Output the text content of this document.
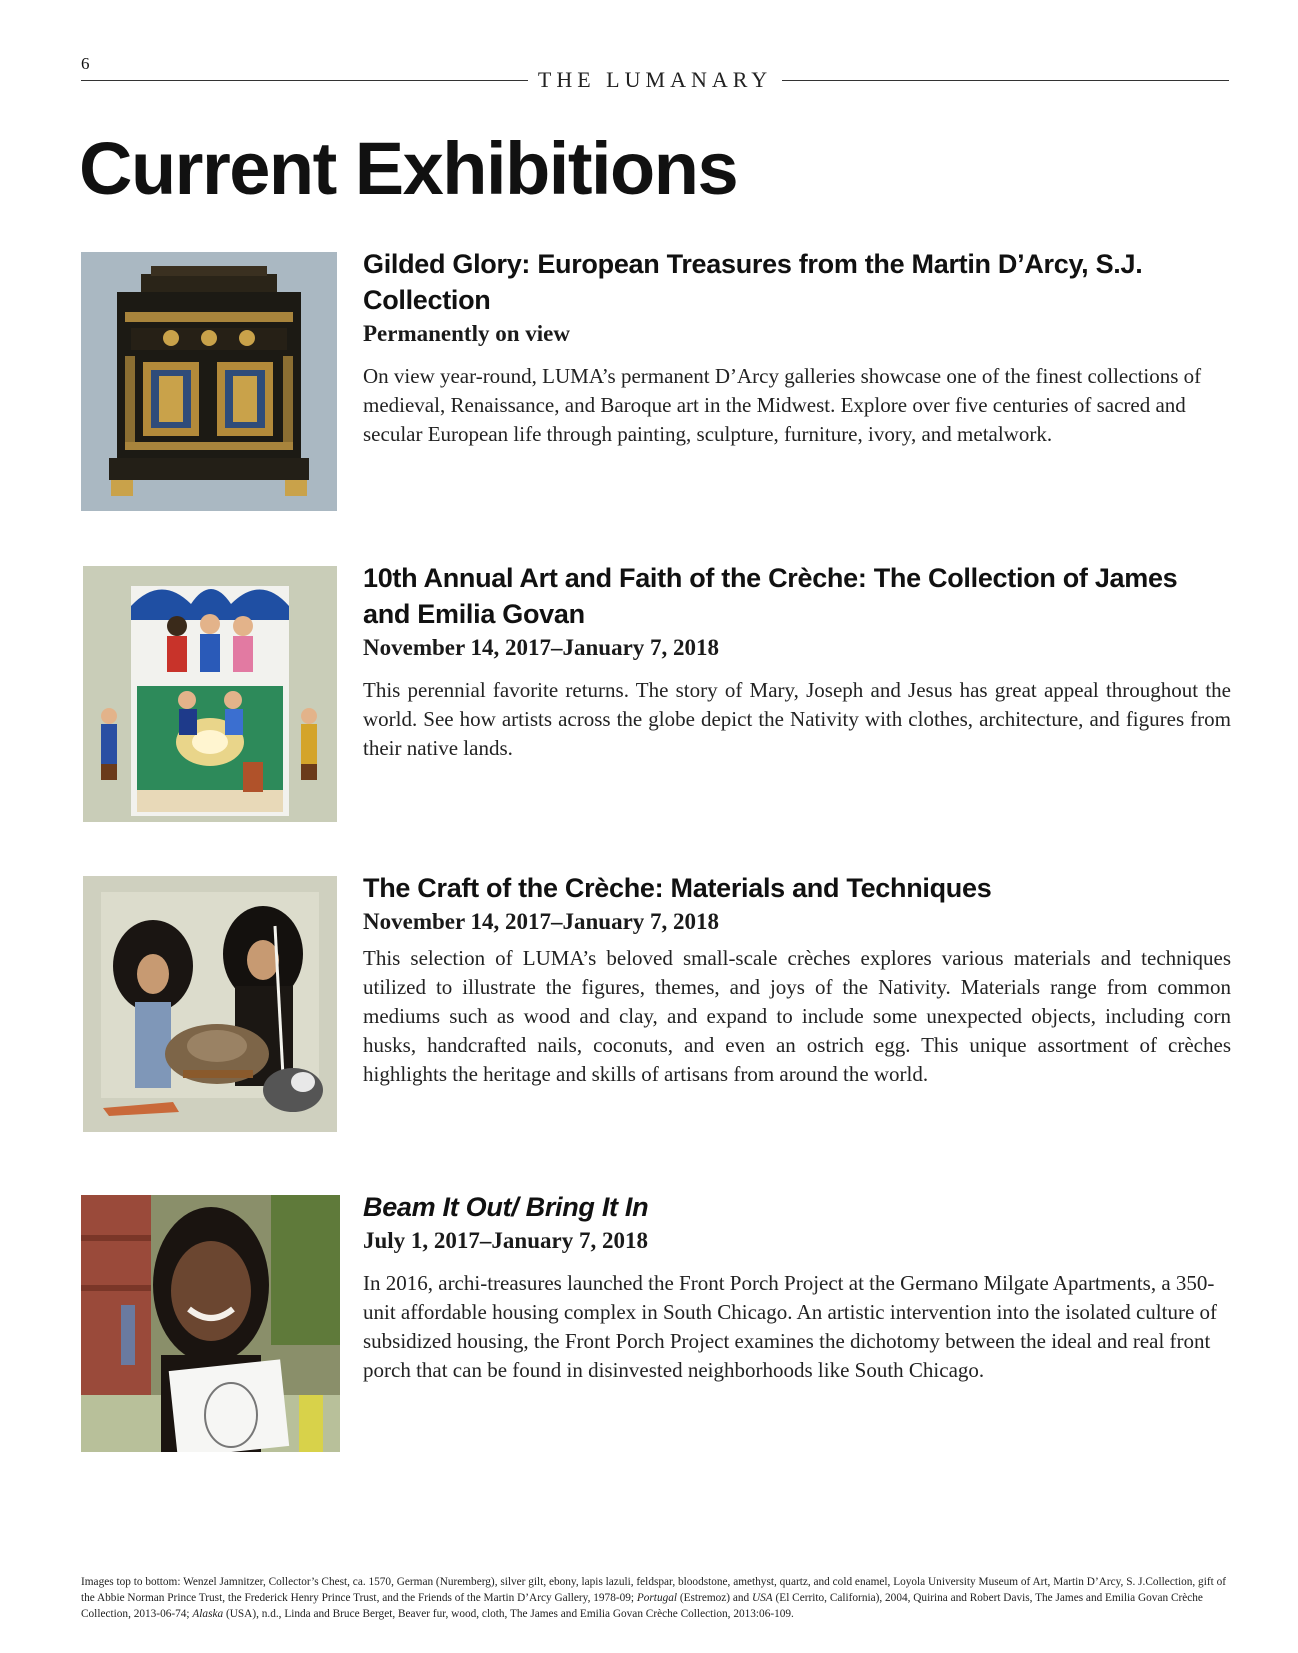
6
THE LUMANARY
Current Exhibitions
Gilded Glory: European Treasures from the Martin D’Arcy, S.J. Collection

Permanently on view

On view year-round, LUMA’s permanent D’Arcy galleries showcase one of the finest collections of medieval, Renaissance, and Baroque art in the Midwest. Explore over five centuries of sacred and secular European life through painting, sculpture, furniture, ivory, and metalwork.

10th Annual Art and Faith of the Crèche: The Collection of James and Emilia Govan

November 14, 2017–January 7, 2018

This perennial favorite returns. The story of Mary, Joseph and Jesus has great appeal throughout the world. See how artists across the globe depict the Nativity with clothes, architecture, and figures from their native lands.

The Craft of the Crèche: Materials and Techniques

November 14, 2017–January 7, 2018

This selection of LUMA’s beloved small-scale crèches explores various materials and techniques utilized to illustrate the figures, themes, and joys of the Nativity. Materials range from common mediums such as wood and clay, and expand to include some unexpected objects, including corn husks, handcrafted nails, coconuts, and even an ostrich egg. This unique assortment of crèches highlights the heritage and skills of artisans from around the world.

Beam It Out/ Bring It In

July 1, 2017–January 7, 2018

In 2016, archi-treasures launched the Front Porch Project at the Germano Milgate Apartments, a 350-unit affordable housing complex in South Chicago. An artistic intervention into the isolated culture of subsidized housing, the Front Porch Project examines the dichotomy between the ideal and real front porch that can be found in disinvested neighborhoods like South Chicago.

Images top to bottom: Wenzel Jamnitzer, Collector’s Chest, ca. 1570, German (Nuremberg), silver gilt, ebony, lapis lazuli, feldspar, bloodstone, amethyst, quartz, and cold enamel, Loyola University Museum of Art, Martin D’Arcy, S. J.Collection, gift of the Abbie Norman Prince Trust, the Frederick Henry Prince Trust, and the Friends of the Martin D’Arcy Gallery, 1978-09; Portugal (Estremoz) and USA (El Cerrito, California), 2004, Quirina and Robert Davis, The James and Emilia Govan Crèche Collection, 2013-06-74; Alaska (USA), n.d., Linda and Bruce Berget, Beaver fur, wood, cloth, The James and Emilia Govan Crèche Collection, 2013:06-109.
